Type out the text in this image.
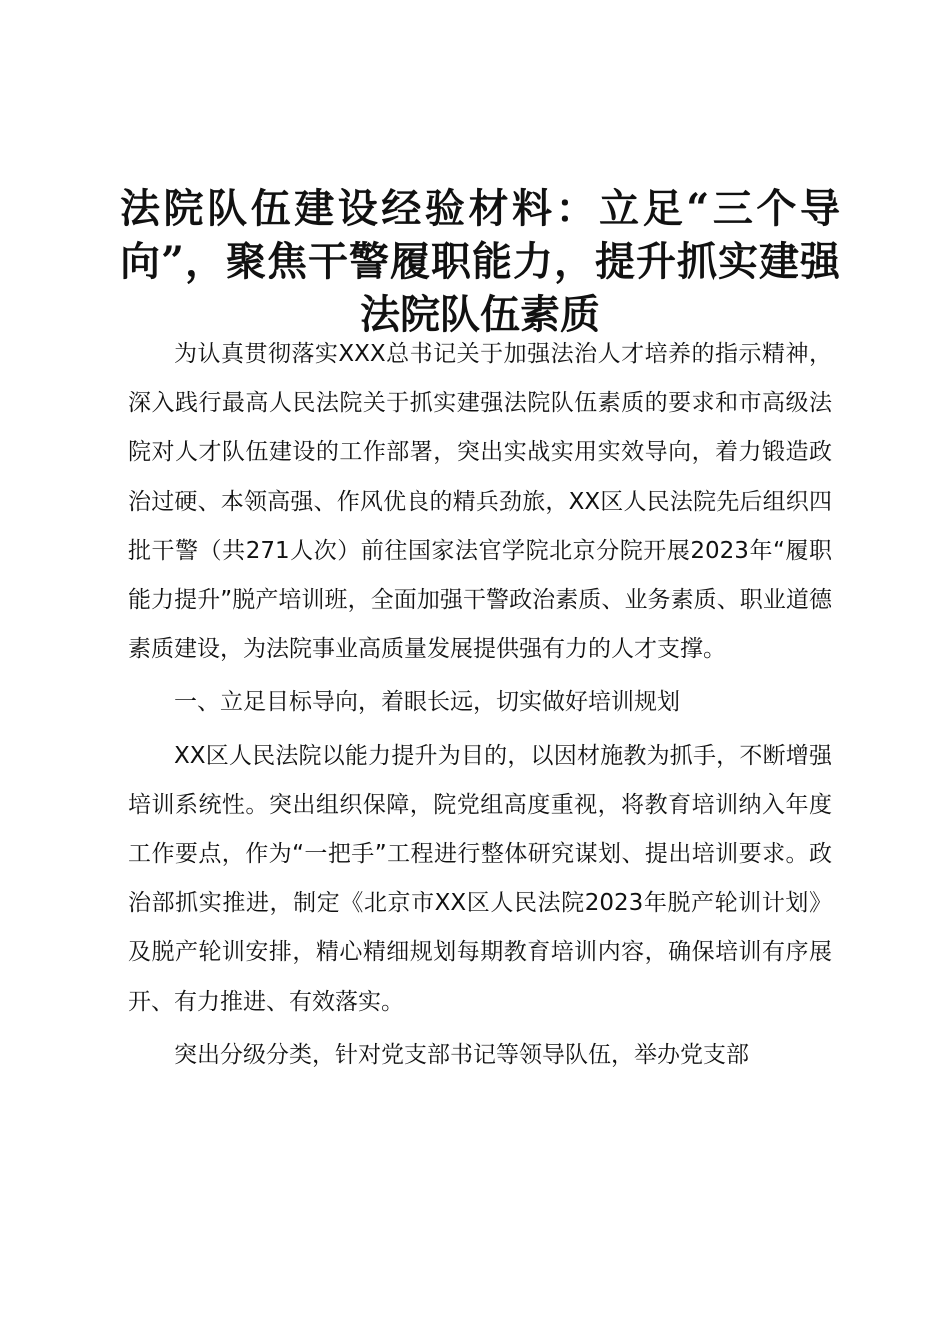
法院队伍建设经验材料：立足“三个导向”，聚焦干警履职能力，提升抓实建强法院队伍素质

为认真贯彻落实XXX总书记关于加强法治人才培养的指示精神，深入践行最高人民法院关于抓实建强法院队伍素质的要求和市高级法院对人才队伍建设的工作部署，突出实战实用实效导向，着力锻造政治过硬、本领高强、作风优良的精兵劲旅，XX区人民法院先后组织四批干警（共271人次）前往国家法官学院北京分院开展2023年“履职能力提升”脱产培训班，全面加强干警政治素质、业务素质、职业道德素质建设，为法院事业高质量发展提供强有力的人才支撑。

一、立足目标导向，着眼长远，切实做好培训规划

XX区人民法院以能力提升为目的，以因材施教为抓手，不断增强培训系统性。突出组织保障，院党组高度重视，将教育培训纳入年度工作要点，作为“一把手”工程进行整体研究谋划、提出培训要求。政治部抓实推进，制定《北京市XX区人民法院2023年脱产轮训计划》及脱产轮训安排，精心精细规划每期教育培训内容，确保培训有序展开、有力推进、有效落实。

突出分级分类，针对党支部书记等领导队伍，举办党支部
